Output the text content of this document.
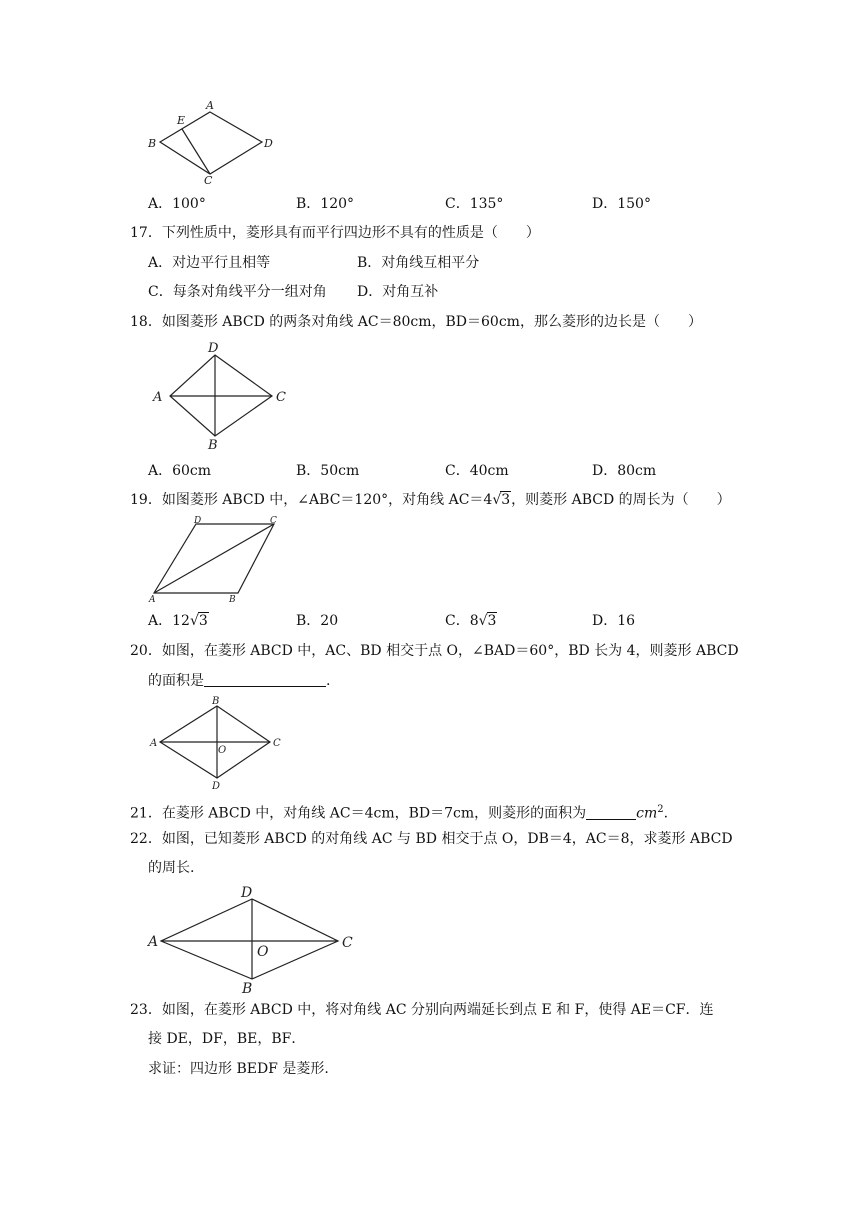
A
E
B	D
C
A．100°	B．120°	C．135°	D．150°
17．下列性质中，菱形具有而平行四边形不具有的性质是（　　）
A．对边平行且相等	B．对角线互相平分
C．每条对角线平分一组对角 D．对角互补
18．如图菱形 ABCD 的两条对角线 AC＝80cm，BD＝60cm，那么菱形的边长是（　　）
D
A	C
B
A．60cm	B．50cm	C．40cm	D．80cm
19．如图菱形 ABCD 中，∠ABC＝120°，对角线 AC＝4√3，则菱形 ABCD 的周长为（　　）
D	C
A	B
A．12√3	B．20	C．8√3	D．16
20．如图，在菱形 ABCD 中，AC、BD 相交于点 O，∠BAD＝60°，BD 长为 4，则菱形 ABCD
的面积是	.
B
A	C
O
D
21．在菱形 ABCD 中，对角线 AC＝4cm，BD＝7cm，则菱形的面积为	$cm^2$.
22．如图，已知菱形 ABCD 的对角线 AC 与 BD 相交于点 O，DB＝4，AC＝8，求菱形 ABCD
的周长.
D
A	C
O
B
23．如图，在菱形 ABCD 中，将对角线 AC 分别向两端延长到点 E 和 F，使得 AE＝CF．连
接 DE，DF，BE，BF．
求证：四边形 BEDF 是菱形.
